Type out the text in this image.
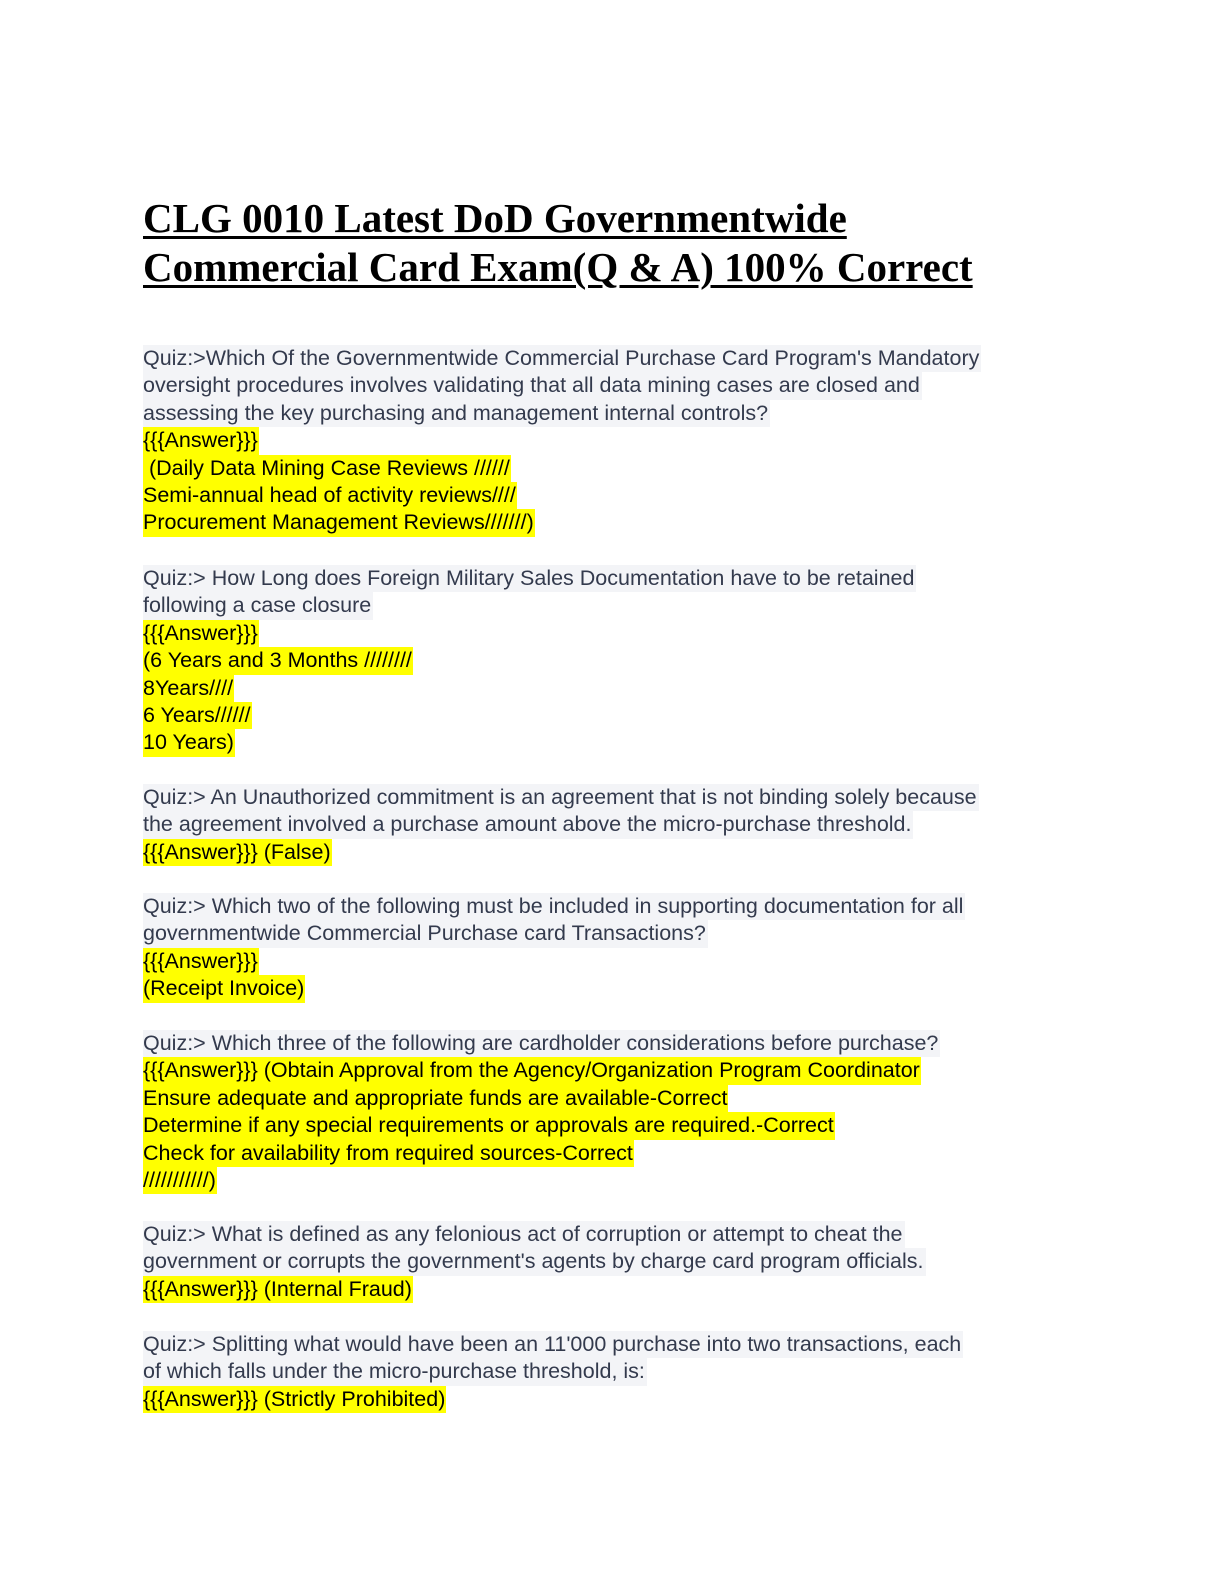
CLG 0010 Latest DoD Governmentwide
Commercial Card Exam(Q & A) 100% Correct
Quiz:>Which Of the Governmentwide Commercial Purchase Card Program's Mandatory
oversight procedures involves validating that all data mining cases are closed and
assessing the key purchasing and management internal controls?
{{{Answer}}}
(Daily Data Mining Case Reviews //////
Semi-annual head of activity reviews////
Procurement Management Reviews///////)
Quiz:> How Long does Foreign Military Sales Documentation have to be retained
following a case closure
{{{Answer}}}
(6 Years and 3 Months ////////
8Years////
6 Years//////
10 Years)
Quiz:> An Unauthorized commitment is an agreement that is not binding solely because
the agreement involved a purchase amount above the micro-purchase threshold.
{{{Answer}}} (False)
Quiz:> Which two of the following must be included in supporting documentation for all
governmentwide Commercial Purchase card Transactions?
{{{Answer}}}
(Receipt Invoice)
Quiz:> Which three of the following are cardholder considerations before purchase?
{{{Answer}}} (Obtain Approval from the Agency/Organization Program Coordinator
Ensure adequate and appropriate funds are available-Correct
Determine if any special requirements or approvals are required.-Correct
Check for availability from required sources-Correct
///////////)
Quiz:> What is defined as any felonious act of corruption or attempt to cheat the
government or corrupts the government's agents by charge card program officials.
{{{Answer}}} (Internal Fraud)
Quiz:> Splitting what would have been an 11'000 purchase into two transactions, each
of which falls under the micro-purchase threshold, is:
{{{Answer}}} (Strictly Prohibited)
